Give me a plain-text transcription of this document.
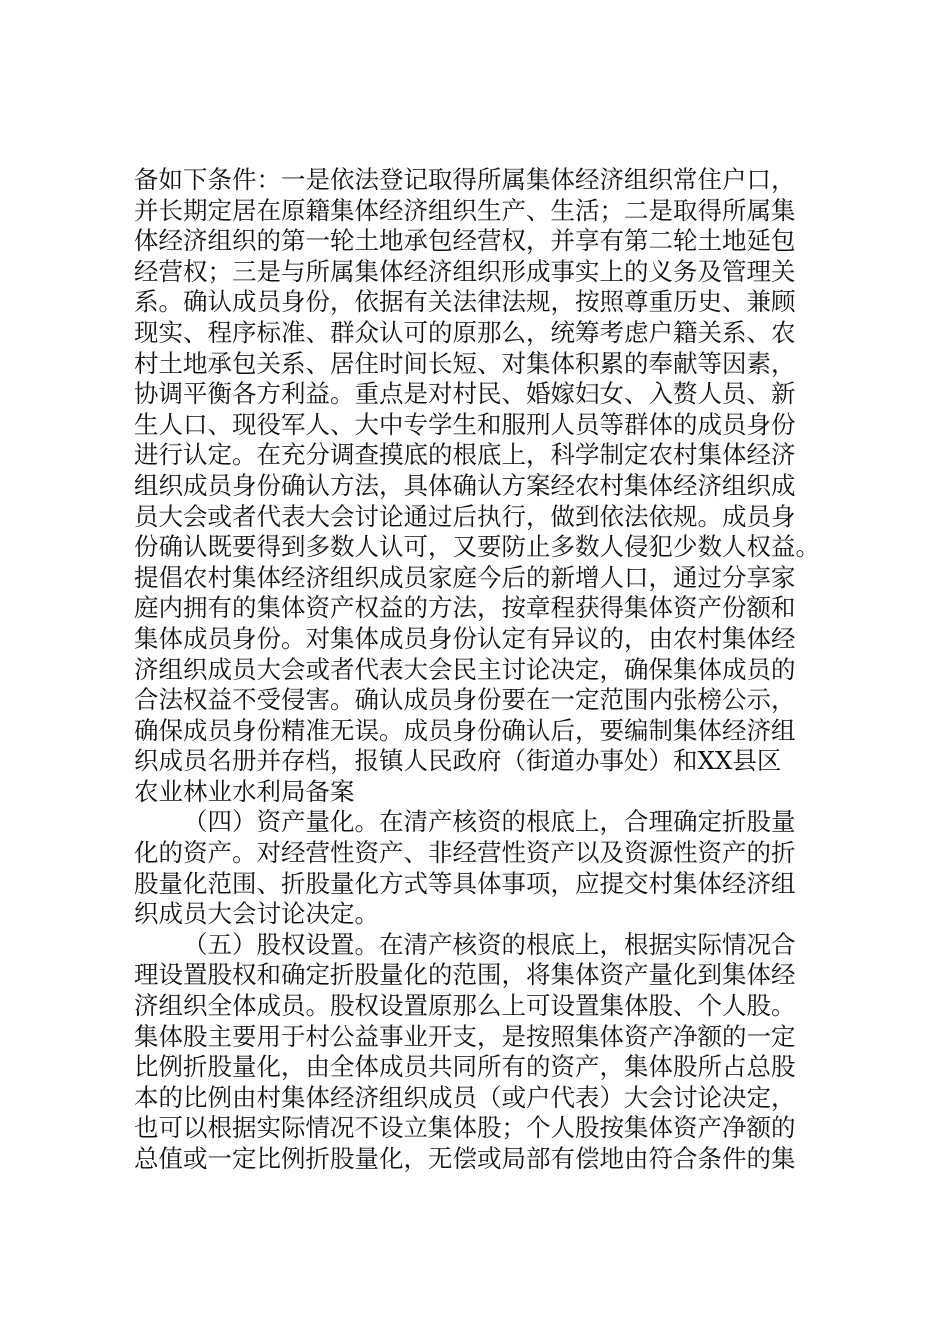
备如下条件：一是依法登记取得所属集体经济组织常住户口，
并长期定居在原籍集体经济组织生产、生活；二是取得所属集
体经济组织的第一轮土地承包经营权，并享有第二轮土地延包
经营权；三是与所属集体经济组织形成事实上的义务及管理关
系。确认成员身份，依据有关法律法规，按照尊重历史、兼顾
现实、程序标准、群众认可的原那么，统筹考虑户籍关系、农
村土地承包关系、居住时间长短、对集体积累的奉献等因素，
协调平衡各方利益。重点是对村民、婚嫁妇女、入赘人员、新
生人口、现役军人、大中专学生和服刑人员等群体的成员身份
进行认定。在充分调查摸底的根底上，科学制定农村集体经济
组织成员身份确认方法，具体确认方案经农村集体经济组织成
员大会或者代表大会讨论通过后执行，做到依法依规。成员身
份确认既要得到多数人认可，又要防止多数人侵犯少数人权益。
提倡农村集体经济组织成员家庭今后的新增人口，通过分享家
庭内拥有的集体资产权益的方法，按章程获得集体资产份额和
集体成员身份。对集体成员身份认定有异议的，由农村集体经
济组织成员大会或者代表大会民主讨论决定，确保集体成员的
合法权益不受侵害。确认成员身份要在一定范围内张榜公示，
确保成员身份精准无误。成员身份确认后，要编制集体经济组
织成员名册并存档，报镇人民政府（街道办事处）和XX县区
农业林业水利局备案
（四）资产量化。在清产核资的根底上，合理确定折股量
化的资产。对经营性资产、非经营性资产以及资源性资产的折
股量化范围、折股量化方式等具体事项，应提交村集体经济组
织成员大会讨论决定。
（五）股权设置。在清产核资的根底上，根据实际情况合
理设置股权和确定折股量化的范围，将集体资产量化到集体经
济组织全体成员。股权设置原那么上可设置集体股、个人股。
集体股主要用于村公益事业开支，是按照集体资产净额的一定
比例折股量化，由全体成员共同所有的资产，集体股所占总股
本的比例由村集体经济组织成员（或户代表）大会讨论决定，
也可以根据实际情况不设立集体股；个人股按集体资产净额的
总值或一定比例折股量化，无偿或局部有偿地由符合条件的集
